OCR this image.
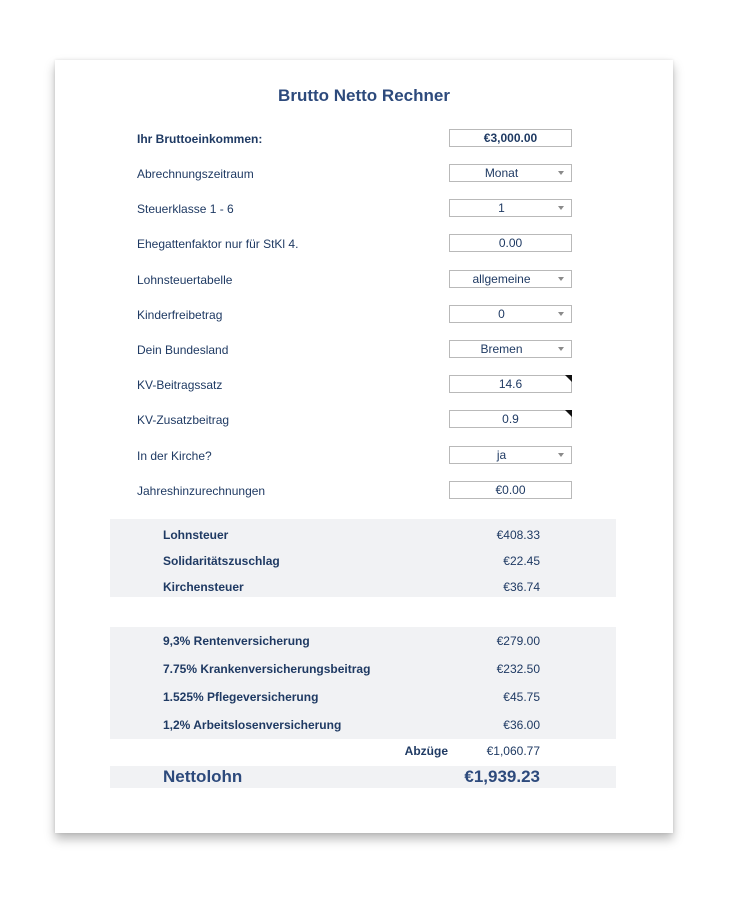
Brutto Netto Rechner
Ihr Bruttoeinkommen:	€3,000.00
Abrechnungszeitraum	Monat
Steuerklasse 1 - 6	1
Ehegattenfaktor nur für StKl 4.	0.00
Lohnsteuertabelle	allgemeine
Kinderfreibetrag	0
Dein Bundesland	Bremen
KV-Beitragssatz	14.6
KV-Zusatzbeitrag	0.9
In der Kirche?	ja
Jahreshinzurechnungen	€0.00
Lohnsteuer	€408.33
Solidaritätszuschlag	€22.45
Kirchensteuer	€36.74
9,3% Rentenversicherung	€279.00
7.75% Krankenversicherungsbeitrag	€232.50
1.525% Pflegeversicherung	€45.75
1,2% Arbeitslosenversicherung	€36.00
Abzüge	€1,060.77
Nettolohn	€1,939.23
